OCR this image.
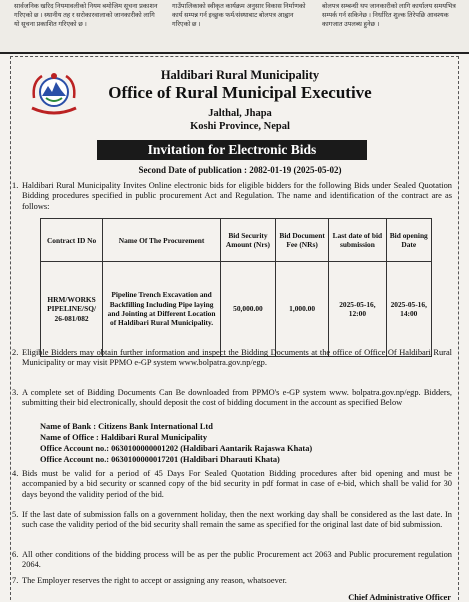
सार्वजनिक खरिद नियमावलीको नियम बमोजिम सूचना प्रकाशन गरिएको छ । स्थानीय तह र सरोकारवालाको जानकारीको लागि यो सूचना प्रकाशित गरिएको छ ।
गाउँपालिकाको स्वीकृत कार्यक्रम अनुसार विकास निर्माणको कार्य सम्पन्न गर्न इच्छुक फर्म/संस्थाबाट बोलपत्र आह्वान गरिएको छ ।
बोलपत्र सम्बन्धी थप जानकारीको लागि कार्यालय समयभित्र सम्पर्क गर्न सकिनेछ । निर्धारित शुल्क तिरेपछि आवश्यक कागजात उपलब्ध हुनेछ ।
Haldibari Rural Municipality
Office of Rural Municipal Executive
Jalthal, Jhapa
Koshi Province, Nepal
Invitation for Electronic Bids
Second Date of publication : 2082-01-19 (2025-05-02)
1. Haldibari Rural Municipality Invites Online electronic bids for eligible bidders for the following Bids under Sealed Quotation Bidding procedures specified in public procurement Act and Regulation. The name and identification of the contract are as follows:
Contract ID No	Name Of The Procurement	Bid Security Amount (Nrs)	Bid Document Fee (NRs)	Last date of bid submission	Bid opening Date
HRM/WORKS PIPELINE/SQ/ 26-081/082	Pipeline Trench Excavation and Backfilling Including Pipe laying and Jointing at Different Location of Haldibari Rural Municipality.	50,000.00	1,000.00	2025-05-16, 12:00	2025-05-16, 14:00
2. Eligible Bidders may obtain further information and inspect the Bidding Documents at the office of Office Of Haldibari Rural Municipality or may visit PPMO e-GP system www.bolpatra.gov.np/egp.
3. A complete set of Bidding Documents Can Be downloaded from PPMO's e-GP system www. bolpatra.gov.np/egp. Bidders, submitting their bid electronically, should deposit the cost of bidding document in the account as specified Below
Name of Bank : Citizens Bank International Ltd
Name of Office : Haldibari Rural Municipality
Office Account no.: 0630100000001202 (Haldibari Aantarik Rajaswa Khata)
Office Account no.: 0630100000017201 (Haldibari Dharauti Khata)
4. Bids must be valid for a period of 45 Days For Sealed Quotation Bidding procedures after bid opening and must be accompanied by a bid security or scanned copy of the bid security in pdf format in case of e-bid, which shall be valid for 30 days beyond the validity period of the bid.
5. If the last date of submission falls on a government holiday, then the next working day shall be considered as the last date. In such case the validity period of the bid security shall remain the same as specified for the original last date of bid submission.
6. All other conditions of the bidding process will be as per the public Procurement act 2063 and Public procurement regulation 2064.
7. The Employer reserves the right to accept or assigning any reason, whatsoever.
Chief Administrative Officer
